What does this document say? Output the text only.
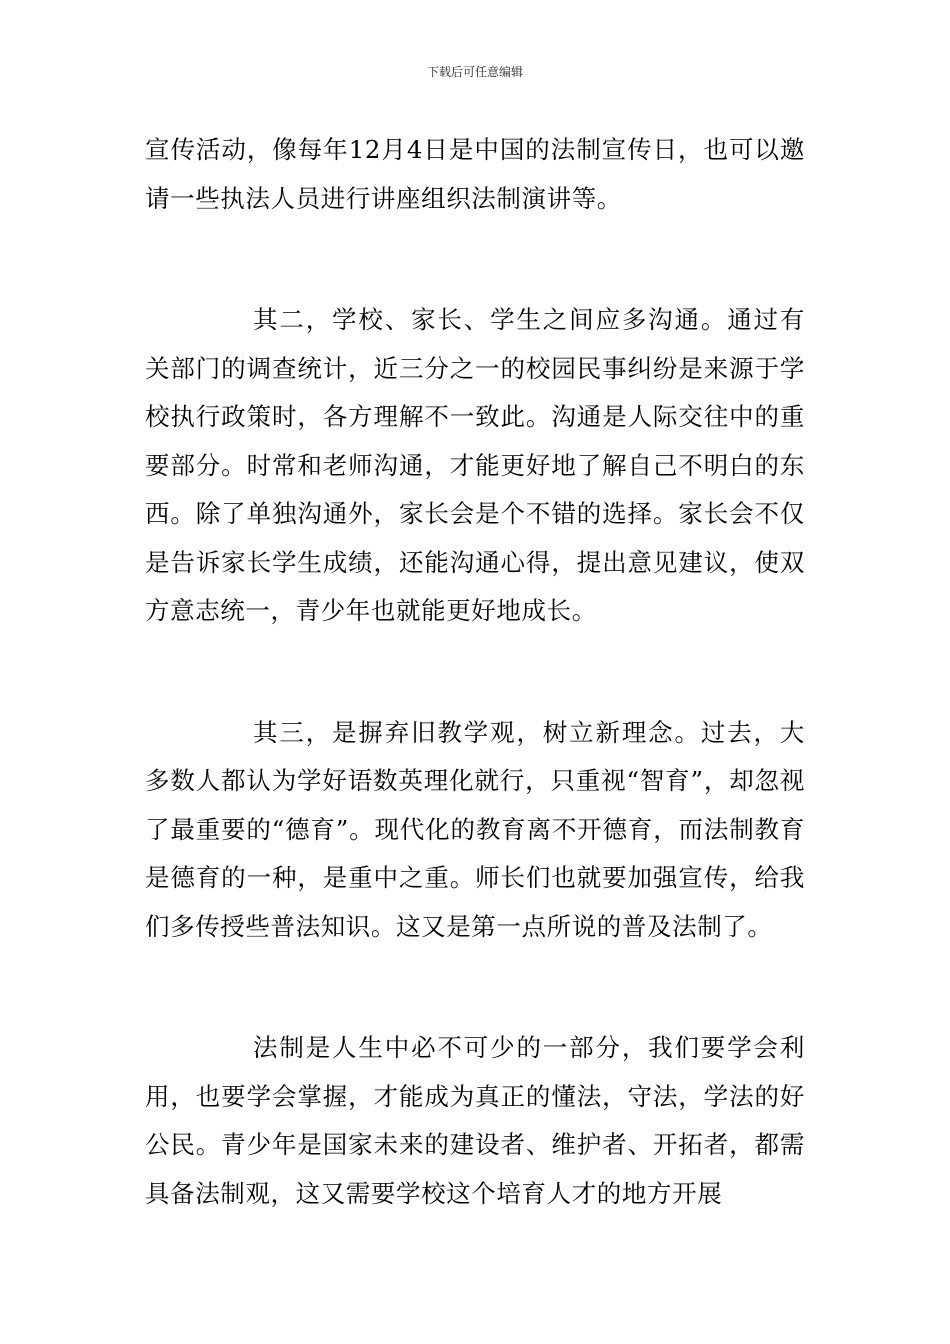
下载后可任意编辑

宣传活动，像每年12月4日是中国的法制宣传日，也可以邀请一些执法人员进行讲座组织法制演讲等。

其二，学校、家长、学生之间应多沟通。通过有关部门的调查统计，近三分之一的校园民事纠纷是来源于学校执行政策时，各方理解不一致此。沟通是人际交往中的重要部分。时常和老师沟通，才能更好地了解自己不明白的东西。除了单独沟通外，家长会是个不错的选择。家长会不仅是告诉家长学生成绩，还能沟通心得，提出意见建议，使双方意志统一，青少年也就能更好地成长。

其三，是摒弃旧教学观，树立新理念。过去，大多数人都认为学好语数英理化就行，只重视“智育”，却忽视了最重要的“德育”。现代化的教育离不开德育，而法制教育是德育的一种，是重中之重。师长们也就要加强宣传，给我们多传授些普法知识。这又是第一点所说的普及法制了。

法制是人生中必不可少的一部分，我们要学会利用，也要学会掌握，才能成为真正的懂法，守法，学法的好公民。青少年是国家未来的建设者、维护者、开拓者，都需具备法制观，这又需要学校这个培育人才的地方开展
